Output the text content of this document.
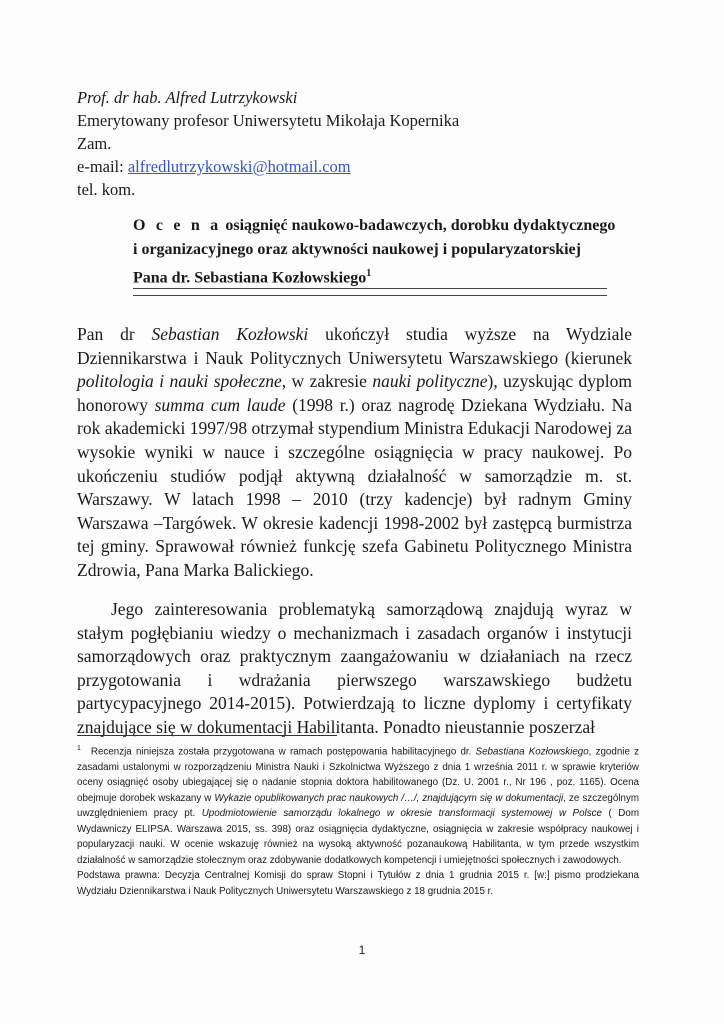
Prof. dr hab. Alfred Lutrzykowski
Emerytowany profesor Uniwersytetu Mikołaja Kopernika
Zam.
e-mail: alfredlutrzykowski@hotmail.com
tel. kom.
O c e n a osiągnięć naukowo-badawczych, dorobku dydaktycznego
i organizacyjnego oraz aktywności naukowej i popularyzatorskiej
Pana dr. Sebastiana Kozłowskiego$^1$
Pan dr Sebastian Kozłowski ukończył studia wyższe na Wydziale Dziennikarstwa i Nauk Politycznych Uniwersytetu Warszawskiego (kierunek politologia i nauki społeczne, w zakresie nauki polityczne), uzyskując dyplom honorowy summa cum laude (1998 r.) oraz nagrodę Dziekana Wydziału. Na rok akademicki 1997/98 otrzymał stypendium Ministra Edukacji Narodowej za wysokie wyniki w nauce i szczególne osiągnięcia w pracy naukowej. Po ukończeniu studiów podjął aktywną działalność w samorządzie m. st. Warszawy. W latach 1998 – 2010 (trzy kadencje) był radnym Gminy Warszawa –Targówek. W okresie kadencji 1998-2002 był zastępcą burmistrza tej gminy. Sprawował również funkcję szefa Gabinetu Politycznego Ministra Zdrowia, Pana Marka Balickiego.
Jego zainteresowania problematyką samorządową znajdują wyraz w stałym pogłębianiu wiedzy o mechanizmach i zasadach organów i instytucji samorządowych oraz praktycznym zaangażowaniu w działaniach na rzecz przygotowania i wdrażania pierwszego warszawskiego budżetu partycypacyjnego 2014-2015). Potwierdzają to liczne dyplomy i certyfikaty znajdujące się w dokumentacji Habilitanta. Ponadto nieustannie poszerzał
$^1$ Recenzja niniejsza została przygotowana w ramach postępowania habilitacyjnego dr. Sebastiana Kozłowskiego, zgodnie z zasadami ustalonymi w rozporządzeniu Ministra Nauki i Szkolnictwa Wyższego z dnia 1 września 2011 r. w sprawie kryteriów oceny osiągnięć osoby ubiegającej się o nadanie stopnia doktora habilitowanego (Dz. U. 2001 r., Nr 196 , poz. 1165). Ocena obejmuje dorobek wskazany w Wykazie opublikowanych prac naukowych /…/, znajdującym się w dokumentacji, ze szczególnym uwzględnieniem pracy pt. Upodmiotowienie samorządu lokalnego w okresie transformacji systemowej w Polsce ( Dom Wydawniczy ELIPSA. Warszawa 2015, ss. 398) oraz osiągnięcia dydaktyczne, osiągnięcia w zakresie współpracy naukowej i popularyzacji nauki. W ocenie wskazuję również na wysoką aktywność pozanaukową Habilitanta, w tym przede wszystkim działalność w samorządzie stołecznym oraz zdobywanie dodatkowych kompetencji i umiejętności społecznych i zawodowych.
Podstawa prawna: Decyzja Centralnej Komisji do spraw Stopni i Tytułów z dnia 1 grudnia 2015 r. [w:] pismo prodziekana Wydziału Dziennikarstwa i Nauk Politycznych Uniwersytetu Warszawskiego z 18 grudnia 2015 r.
1
